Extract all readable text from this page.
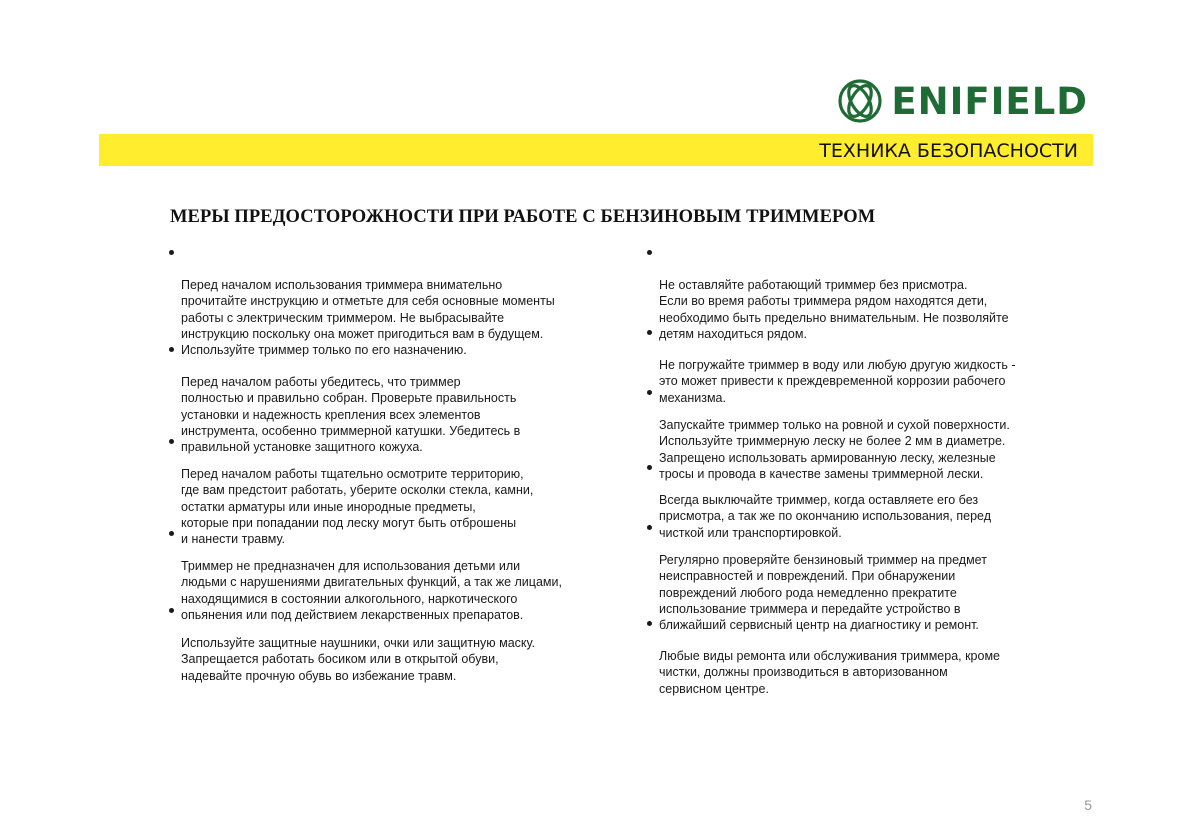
ENIFIELD
ТЕХНИКА БЕЗОПАСНОСТИ
МЕРЫ ПРЕДОСТОРОЖНОСТИ ПРИ РАБОТЕ С БЕНЗИНОВЫМ ТРИММЕРОМ

Перед началом использования триммера внимательно
прочитайте инструкцию и отметьте для себя основные моменты
работы с электрическим триммером. Не выбрасывайте
инструкцию поскольку она может пригодиться вам в будущем.
Используйте триммер только по его назначению.

Перед началом работы убедитесь, что триммер
полностью и правильно собран. Проверьте правильность
установки и надежность крепления всех элементов
инструмента, особенно триммерной катушки. Убедитесь в
правильной установке защитного кожуха.

Перед началом работы тщательно осмотрите территорию,
где вам предстоит работать, уберите осколки стекла, камни,
остатки арматуры или иные инородные предметы,
которые при попадании под леску могут быть отброшены
и нанести травму.

Триммер не предназначен для использования детьми или
людьми с нарушениями двигательных функций, а так же лицами,
находящимися в состоянии алкогольного, наркотического
опьянения или под действием лекарственных препаратов.

Используйте защитные наушники, очки или защитную маску.
Запрещается работать босиком или в открытой обуви,
надевайте прочную обувь во избежание травм.

Не оставляйте работающий триммер без присмотра.
Если во время работы триммера рядом находятся дети,
необходимо быть предельно внимательным. Не позволяйте
детям находиться рядом.

Не погружайте триммер в воду или любую другую жидкость -
это может привести к преждевременной коррозии рабочего
механизма.

Запускайте триммер только на ровной и сухой поверхности.
Используйте триммерную леску не более 2 мм в диаметре.
Запрещено использовать армированную леску, железные
тросы и провода в качестве замены триммерной лески.

Всегда выключайте триммер, когда оставляете его без
присмотра, а так же по окончанию использования, перед
чисткой или транспортировкой.

Регулярно проверяйте бензиновый триммер на предмет
неисправностей и повреждений. При обнаружении
повреждений любого рода немедленно прекратите
использование триммера и передайте устройство в
ближайший сервисный центр на диагностику и ремонт.

Любые виды ремонта или обслуживания триммера, кроме
чистки, должны производиться в авторизованном
сервисном центре.

5
